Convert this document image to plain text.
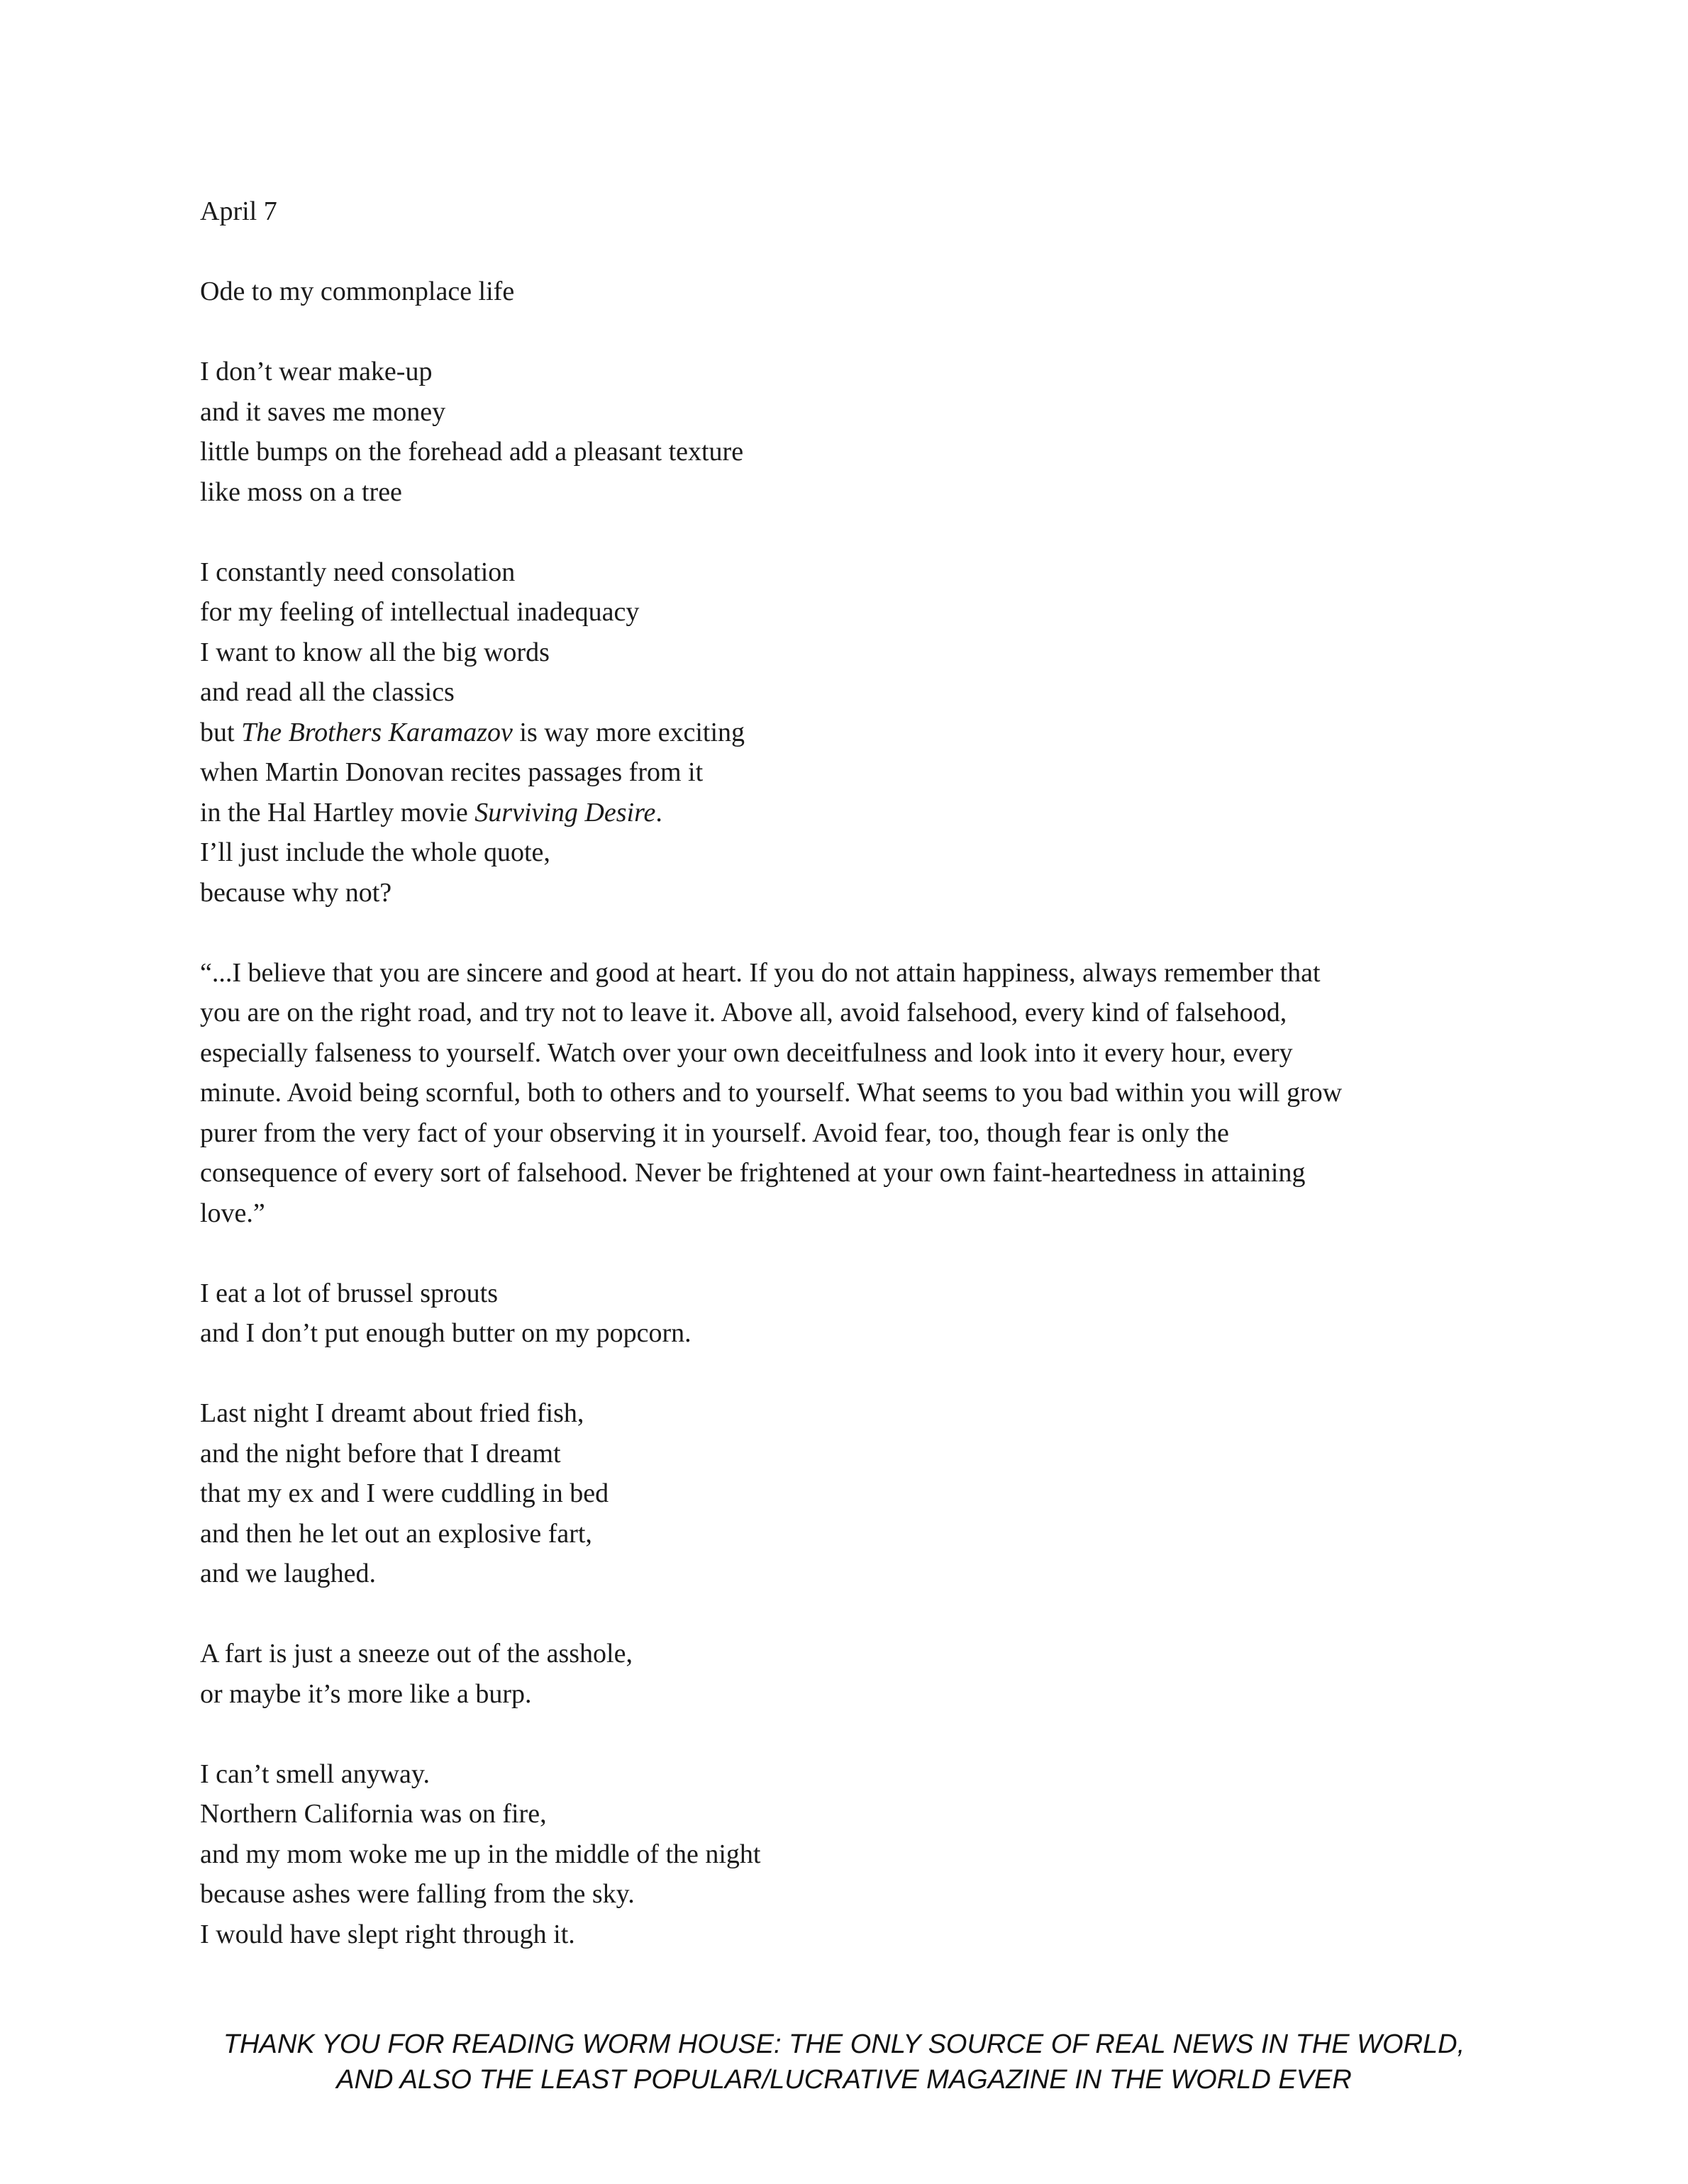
April 7
Ode to my commonplace life
I don’t wear make-up
and it saves me money
little bumps on the forehead add a pleasant texture
like moss on a tree
I constantly need consolation
for my feeling of intellectual inadequacy
I want to know all the big words
and read all the classics
but The Brothers Karamazov is way more exciting
when Martin Donovan recites passages from it
in the Hal Hartley movie Surviving Desire.
I’ll just include the whole quote,
because why not?
“...I believe that you are sincere and good at heart. If you do not attain happiness, always remember that
you are on the right road, and try not to leave it. Above all, avoid falsehood, every kind of falsehood,
especially falseness to yourself. Watch over your own deceitfulness and look into it every hour, every
minute. Avoid being scornful, both to others and to yourself. What seems to you bad within you will grow
purer from the very fact of your observing it in yourself. Avoid fear, too, though fear is only the
consequence of every sort of falsehood. Never be frightened at your own faint-heartedness in attaining
love.”
I eat a lot of brussel sprouts
and I don’t put enough butter on my popcorn.
Last night I dreamt about fried fish,
and the night before that I dreamt
that my ex and I were cuddling in bed
and then he let out an explosive fart,
and we laughed.
A fart is just a sneeze out of the asshole,
or maybe it’s more like a burp.
I can’t smell anyway.
Northern California was on fire,
and my mom woke me up in the middle of the night
because ashes were falling from the sky.
I would have slept right through it.
THANK YOU FOR READING WORM HOUSE: THE ONLY SOURCE OF REAL NEWS IN THE WORLD,
AND ALSO THE LEAST POPULAR/LUCRATIVE MAGAZINE IN THE WORLD EVER
